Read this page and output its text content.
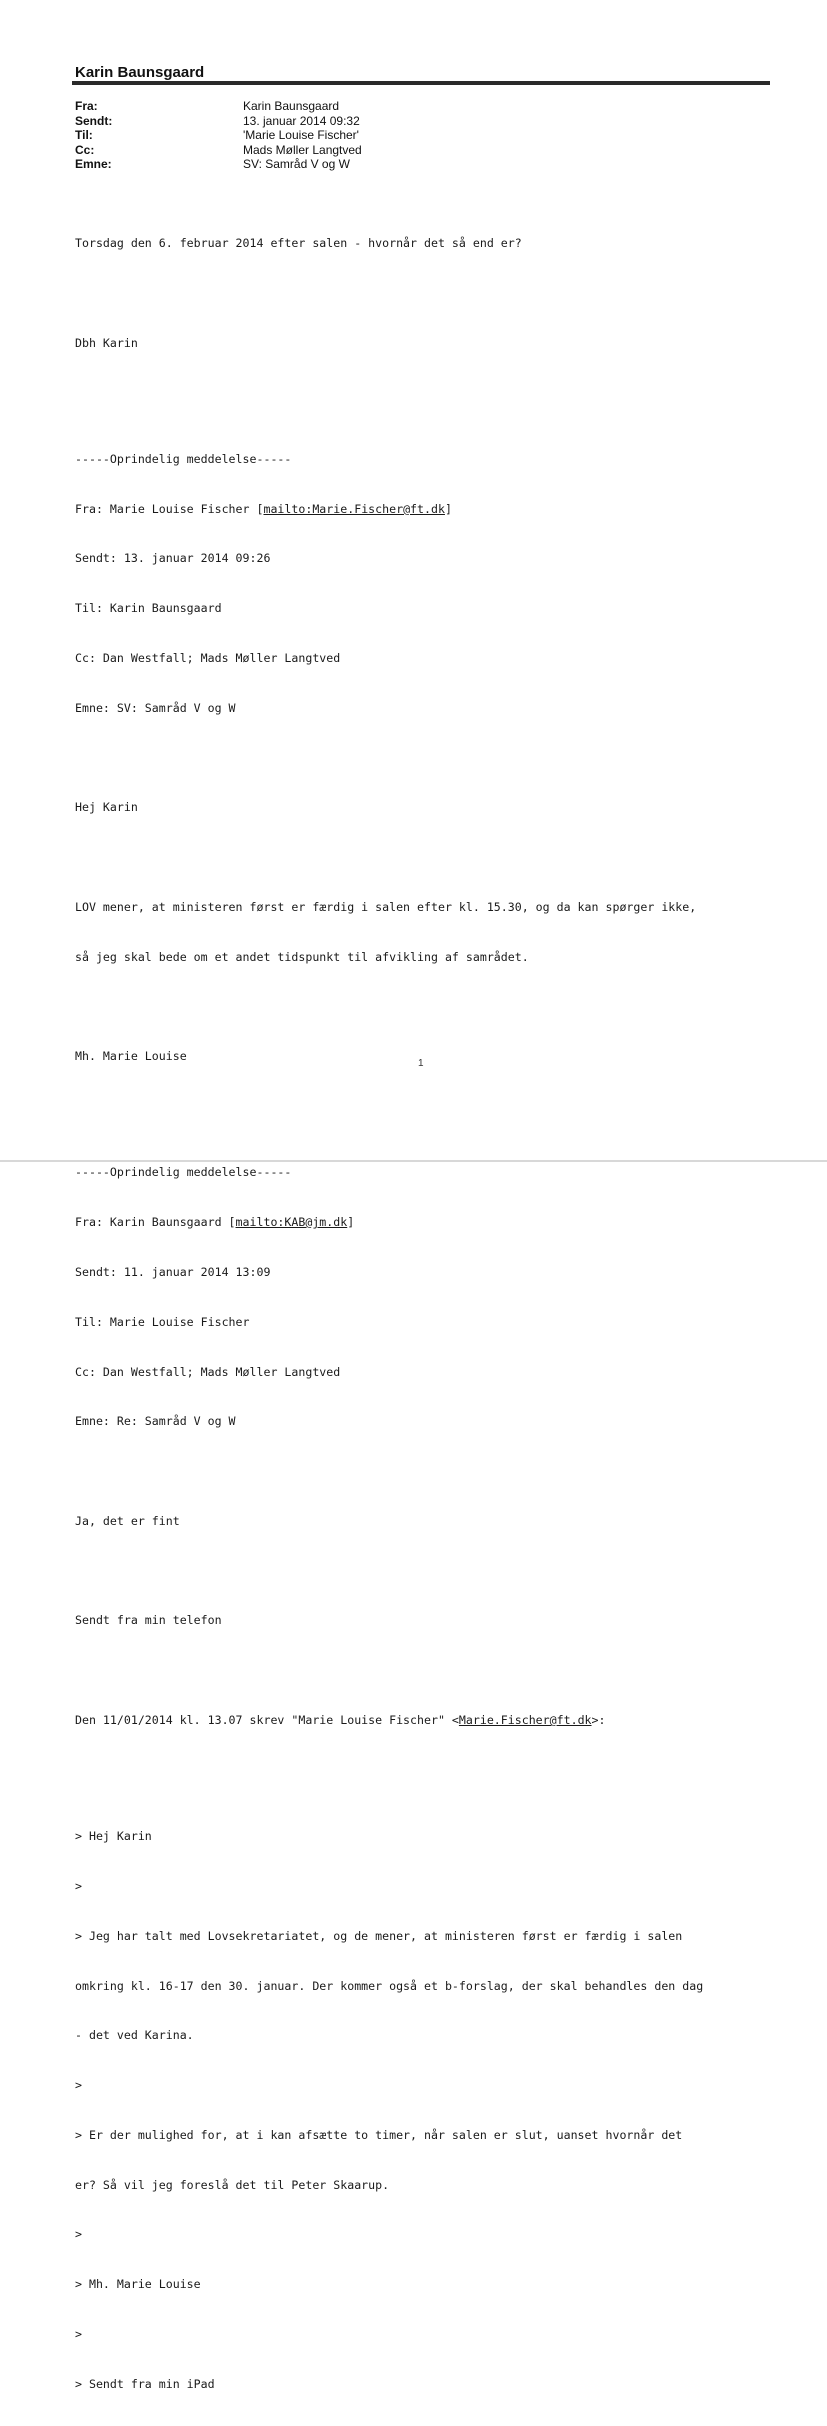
Karin Baunsgaard
Fra:	Karin Baunsgaard
Sendt:	13. januar 2014 09:32
Til:	'Marie Louise Fischer'
Cc:	Mads Møller Langtved
Emne:	SV: Samråd V og W

Torsdag den 6. februar 2014 efter salen - hvornår det så end er?

Dbh Karin

-----Oprindelig meddelelse-----

Fra: Marie Louise Fischer [mailto:Marie.Fischer@ft.dk]

Sendt: 13. januar 2014 09:26

Til: Karin Baunsgaard

Cc: Dan Westfall; Mads Møller Langtved

Emne: SV: Samråd V og W

Hej Karin

LOV mener, at ministeren først er færdig i salen efter kl. 15.30, og da kan spørger ikke,

så jeg skal bede om et andet tidspunkt til afvikling af samrådet.

Mh. Marie Louise

-----Oprindelig meddelelse-----

Fra: Karin Baunsgaard [mailto:KAB@jm.dk]

Sendt: 11. januar 2014 13:09

Til: Marie Louise Fischer

Cc: Dan Westfall; Mads Møller Langtved

Emne: Re: Samråd V og W

Ja, det er fint

Sendt fra min telefon

Den 11/01/2014 kl. 13.07 skrev "Marie Louise Fischer" <Marie.Fischer@ft.dk>:

> Hej Karin

>

> Jeg har talt med Lovsekretariatet, og de mener, at ministeren først er færdig i salen

omkring kl. 16-17 den 30. januar. Der kommer også et b-forslag, der skal behandles den dag

- det ved Karina.

>

> Er der mulighed for, at i kan afsætte to timer, når salen er slut, uanset hvornår det

er? Så vil jeg foreslå det til Peter Skaarup.

>

> Mh. Marie Louise

>

> Sendt fra min iPad

1
